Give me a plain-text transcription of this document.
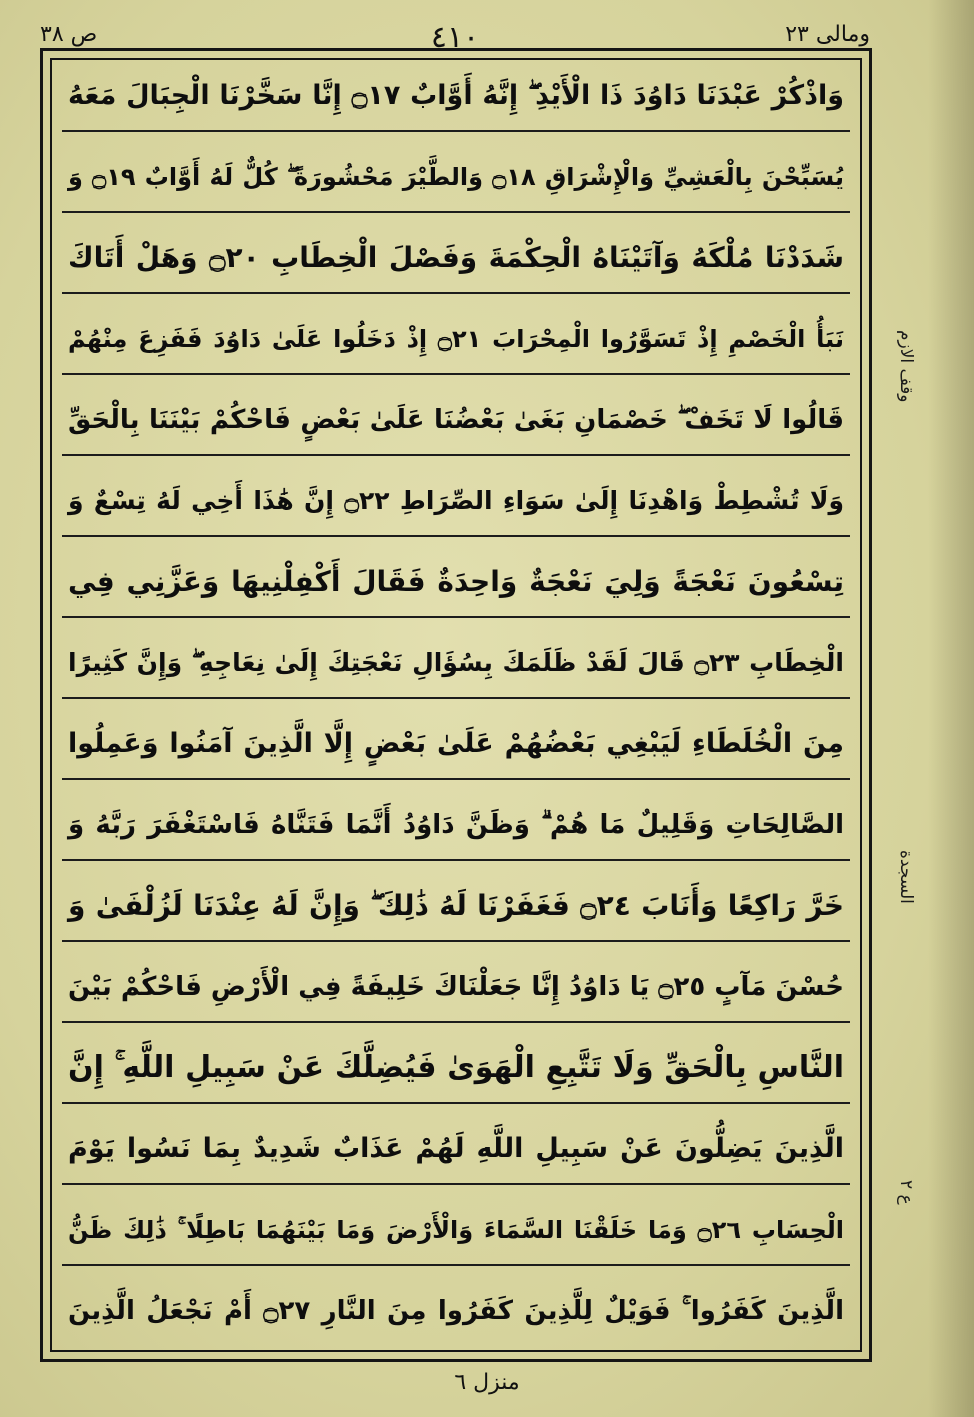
ومالی ۲۳
٤١٠
ص ۳۸
وَاذْكُرْ عَبْدَنَا دَاوُدَ ذَا الْأَيْدِ ۖ إِنَّهُ أَوَّابٌ ۝١٧ إِنَّا سَخَّرْنَا الْجِبَالَ مَعَهُ
يُسَبِّحْنَ بِالْعَشِيِّ وَالْإِشْرَاقِ ۝١٨ وَالطَّيْرَ مَحْشُورَةً ۖ كُلٌّ لَهُ أَوَّابٌ ۝١٩ وَ
شَدَدْنَا مُلْكَهُ وَآتَيْنَاهُ الْحِكْمَةَ وَفَصْلَ الْخِطَابِ ۝٢٠ وَهَلْ أَتَاكَ
نَبَأُ الْخَصْمِ إِذْ تَسَوَّرُوا الْمِحْرَابَ ۝٢١ إِذْ دَخَلُوا عَلَىٰ دَاوُدَ فَفَزِعَ مِنْهُمْ
قَالُوا لَا تَخَفْ ۖ خَصْمَانِ بَغَىٰ بَعْضُنَا عَلَىٰ بَعْضٍ فَاحْكُمْ بَيْنَنَا بِالْحَقِّ
وَلَا تُشْطِطْ وَاهْدِنَا إِلَىٰ سَوَاءِ الصِّرَاطِ ۝٢٢ إِنَّ هَٰذَا أَخِي لَهُ تِسْعٌ وَ
تِسْعُونَ نَعْجَةً وَلِيَ نَعْجَةٌ وَاحِدَةٌ فَقَالَ أَكْفِلْنِيهَا وَعَزَّنِي فِي
الْخِطَابِ ۝٢٣ قَالَ لَقَدْ ظَلَمَكَ بِسُؤَالِ نَعْجَتِكَ إِلَىٰ نِعَاجِهِ ۖ وَإِنَّ كَثِيرًا
مِنَ الْخُلَطَاءِ لَيَبْغِي بَعْضُهُمْ عَلَىٰ بَعْضٍ إِلَّا الَّذِينَ آمَنُوا وَعَمِلُوا
الصَّالِحَاتِ وَقَلِيلٌ مَا هُمْ ۗ وَظَنَّ دَاوُدُ أَنَّمَا فَتَنَّاهُ فَاسْتَغْفَرَ رَبَّهُ وَ
خَرَّ رَاكِعًا وَأَنَابَ ۝٢٤ فَغَفَرْنَا لَهُ ذَٰلِكَ ۖ وَإِنَّ لَهُ عِنْدَنَا لَزُلْفَىٰ وَ
حُسْنَ مَآبٍ ۝٢٥ يَا دَاوُدُ إِنَّا جَعَلْنَاكَ خَلِيفَةً فِي الْأَرْضِ فَاحْكُمْ بَيْنَ
النَّاسِ بِالْحَقِّ وَلَا تَتَّبِعِ الْهَوَىٰ فَيُضِلَّكَ عَنْ سَبِيلِ اللَّهِ ۚ إِنَّ
الَّذِينَ يَضِلُّونَ عَنْ سَبِيلِ اللَّهِ لَهُمْ عَذَابٌ شَدِيدٌ بِمَا نَسُوا يَوْمَ
الْحِسَابِ ۝٢٦ وَمَا خَلَقْنَا السَّمَاءَ وَالْأَرْضَ وَمَا بَيْنَهُمَا بَاطِلًا ۚ ذَٰلِكَ ظَنُّ
الَّذِينَ كَفَرُوا ۚ فَوَيْلٌ لِلَّذِينَ كَفَرُوا مِنَ النَّارِ ۝٢٧ أَمْ نَجْعَلُ الَّذِينَ
وقف الازم
السجدة
ع ۲
منزل ٦
